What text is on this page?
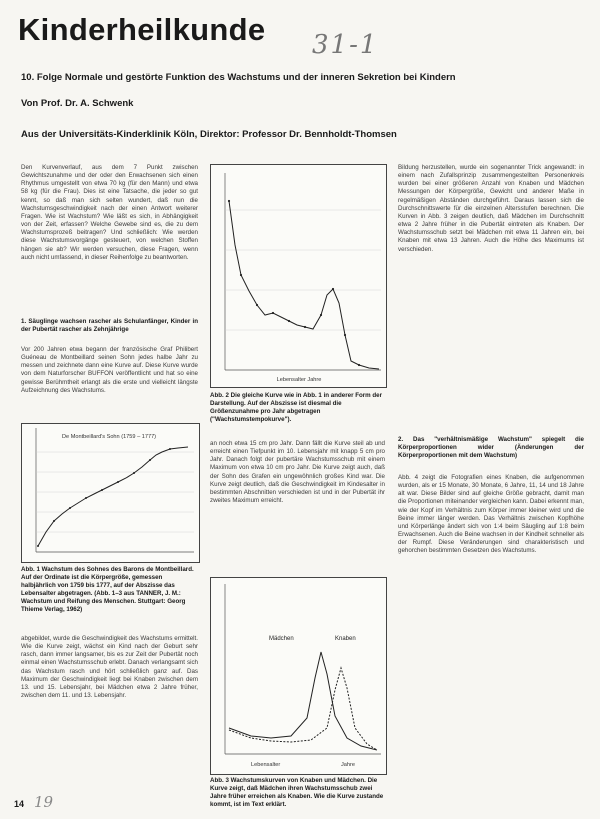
Kinderheilkunde 31-1
10. Folge Normale und gestörte Funktion des Wachstums und der inneren Sekretion bei Kindern
Von Prof. Dr. A. Schwenk
Aus der Universitäts-Kinderklinik Köln, Direktor: Professor Dr. Bennholdt-Thomsen
Den Kurvenverlauf, aus dem 7 Punkt zwischen Gewichtszunahme und der oder den Erwachsenen sich einen Rhythmus umgestellt von etwa 70 kg (für den Mann) und etwa 58 kg (für die Frau). Dies ist eine Tatsache, die jeder so gut kennt, so daß man sich selten wundert, daß nun die Wachstumsgeschwindigkeit nach der einen Antwort weiterer Fragen. Wie ist Wachstum? Wie läßt es sich, in Abhängigkeit von der Zeit, erfassen? Welche Gewebe sind es, die zu dem Wachstumsprozeß beitragen? Und schließlich: Wie werden diese Wachstumsvorgänge gesteuert, von welchen Stoffen hängen sie ab? Wir werden versuchen, diese Fragen, wenn auch nicht umfassend, in dieser Reihenfolge zu beantworten.
1. Säuglinge wachsen rascher als Schulanfänger, Kinder in der Pubertät rascher als Zehnjährige
Vor 200 Jahren etwa begann der französische Graf Philibert Guéneau de Montbeillard seinen Sohn jedes halbe Jahr zu messen und zeichnete dann eine Kurve auf. Diese Kurve wurde von dem Naturforscher BUFFON veröffentlicht und hat so eine gewisse Berühmtheit erlangt als die erste und vielleicht längste Aufzeichnung des Wachstums.
De Montbeillard's Sohn (1759 – 1777)
Abb. 1 Wachstum des Sohnes des Barons de Montbeillard. Auf der Ordinate ist die Körpergröße, gemessen halbjährlich von 1759 bis 1777, auf der Abszisse das Lebensalter abgetragen. (Abb. 1–3 aus TANNER, J. M.: Wachstum und Reifung des Menschen. Stuttgart: Georg Thieme Verlag, 1962)
abgebildet, wurde die Geschwindigkeit des Wachstums ermittelt. Wie die Kurve zeigt, wächst ein Kind nach der Geburt sehr rasch, dann immer langsamer, bis es zur Zeit der Pubertät noch einmal einen Wachstumsschub erlebt. Danach verlangsamt sich das Wachstum rasch und hört schließlich ganz auf. Das Maximum der Geschwindigkeit liegt bei Knaben zwischen dem 13. und 15. Lebensjahr, bei Mädchen etwa 2 Jahre früher, zwischen dem 11. und 13. Lebensjahr.
Lebensalter Jahre
Abb. 2 Die gleiche Kurve wie in Abb. 1 in anderer Form der Darstellung. Auf der Abszisse ist diesmal die Größenzunahme pro Jahr abgetragen ("Wachstumstempokurve").
an noch etwa 15 cm pro Jahr. Dann fällt die Kurve steil ab und erreicht einen Tiefpunkt im 10. Lebensjahr mit knapp 5 cm pro Jahr. Danach folgt der pubertäre Wachstumsschub mit einem Maximum von etwa 10 cm pro Jahr. Die Kurve zeigt auch, daß der Sohn des Grafen ein ungewöhnlich großes Kind war. Die Kurve zeigt deutlich, daß die Geschwindigkeit im Kindesalter in bestimmten Abschnitten verschieden ist und in der Pubertät ihr zweites Maximum erreicht.
Mädchen	Knaben
Lebensalter	Jahre
Abb. 3 Wachstumskurven von Knaben und Mädchen. Die Kurve zeigt, daß Mädchen ihren Wachstumsschub zwei Jahre früher erreichen als Knaben. Wie die Kurve zustande kommt, ist im Text erklärt.
Bildung herzustellen, wurde ein sogenannter Trick angewandt: in einem nach Zufallsprinzip zusammengestellten Personenkreis wurden bei einer größeren Anzahl von Knaben und Mädchen Messungen der Körpergröße, Gewicht und anderer Maße in regelmäßigen Abständen durchgeführt. Daraus lassen sich die Durchschnittswerte für die einzelnen Altersstufen berechnen. Die Kurven in Abb. 3 zeigen deutlich, daß Mädchen im Durchschnitt etwa 2 Jahre früher in die Pubertät eintreten als Knaben. Der Wachstumsschub setzt bei Mädchen mit etwa 11 Jahren ein, bei Knaben mit etwa 13 Jahren. Auch die Höhe des Maximums ist verschieden.
2. Das "verhältnismäßige Wachstum" spiegelt die Körperproportionen wider (Änderungen der Körperproportionen mit dem Wachstum)
Abb. 4 zeigt die Fotografien eines Knaben, die aufgenommen wurden, als er 15 Monate, 30 Monate, 6 Jahre, 11, 14 und 18 Jahre alt war. Diese Bilder sind auf gleiche Größe gebracht, damit man die Proportionen miteinander vergleichen kann. Dabei erkennt man, wie der Kopf im Verhältnis zum Körper immer kleiner wird und die Beine immer länger werden. Das Verhältnis zwischen Kopfhöhe und Körperlänge ändert sich von 1:4 beim Säugling auf 1:8 beim Erwachsenen. Auch die Beine wachsen in der Kindheit schneller als der Rumpf. Diese Veränderungen sind charakteristisch und gehorchen bestimmten Gesetzen des Wachstums.
14 19
